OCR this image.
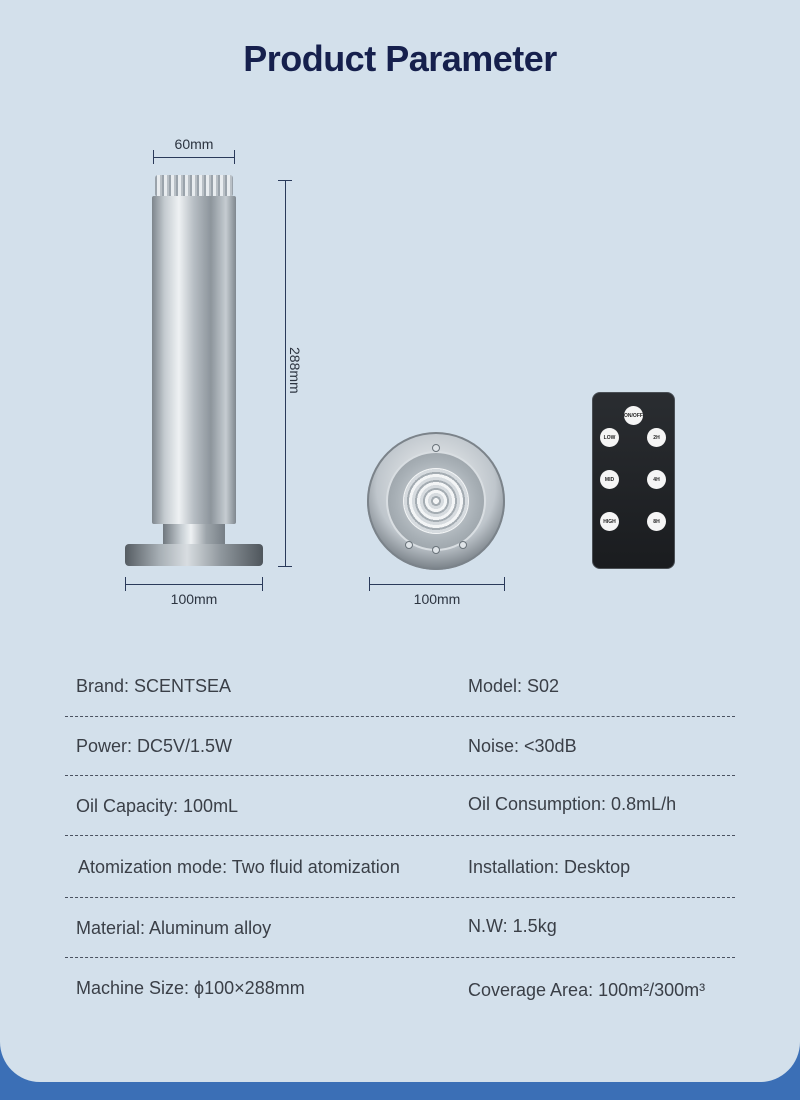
Product Parameter
60mm
288mm
100mm	100mm
ON/OFF
LOW	2H
MID	4H
HIGH	8H
Brand: SCENTSEA	Model: S02
Power: DC5V/1.5W	Noise: <30dB
Oil Capacity: 100mL	Oil Consumption: 0.8mL/h
Atomization mode: Two fluid atomization	Installation: Desktop
Material: Aluminum alloy	N.W: 1.5kg
Machine Size: ϕ100×288mm	Coverage Area: 100m²/300m³
